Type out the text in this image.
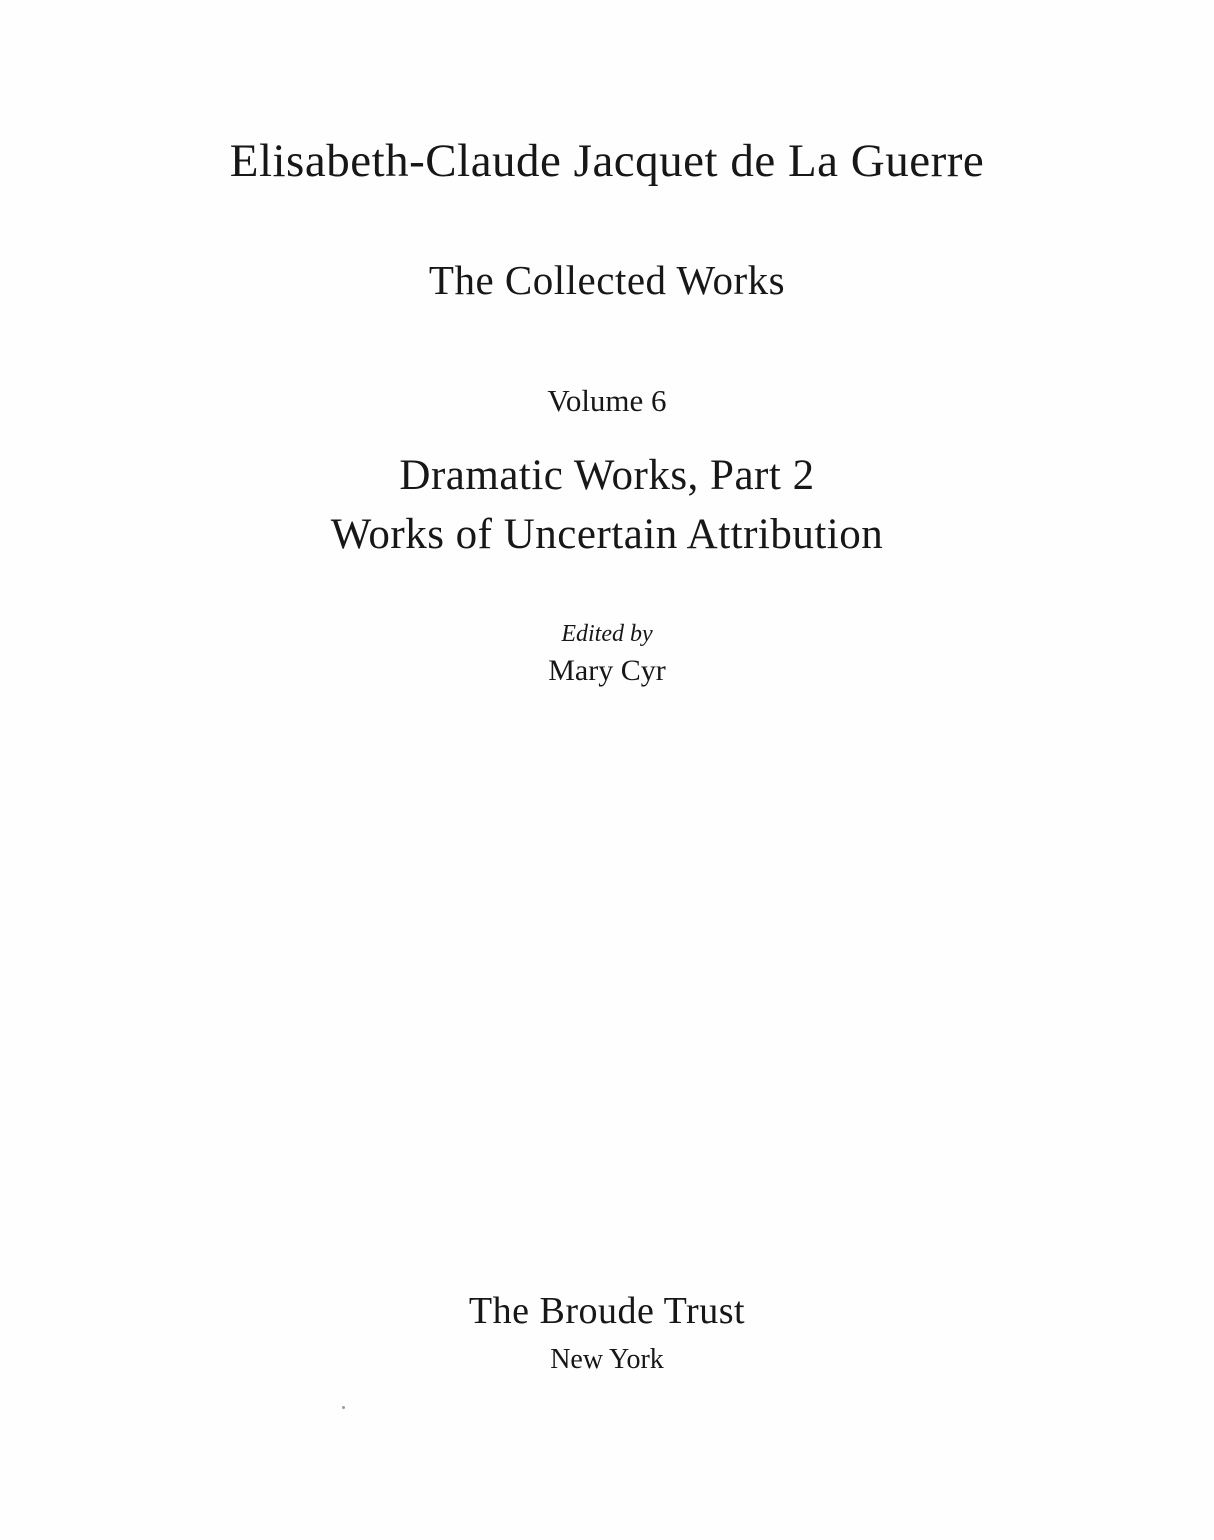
Elisabeth-Claude Jacquet de La Guerre
The Collected Works
Volume 6
Dramatic Works, Part 2
Works of Uncertain Attribution
Edited by
Mary Cyr
The Broude Trust
New York
